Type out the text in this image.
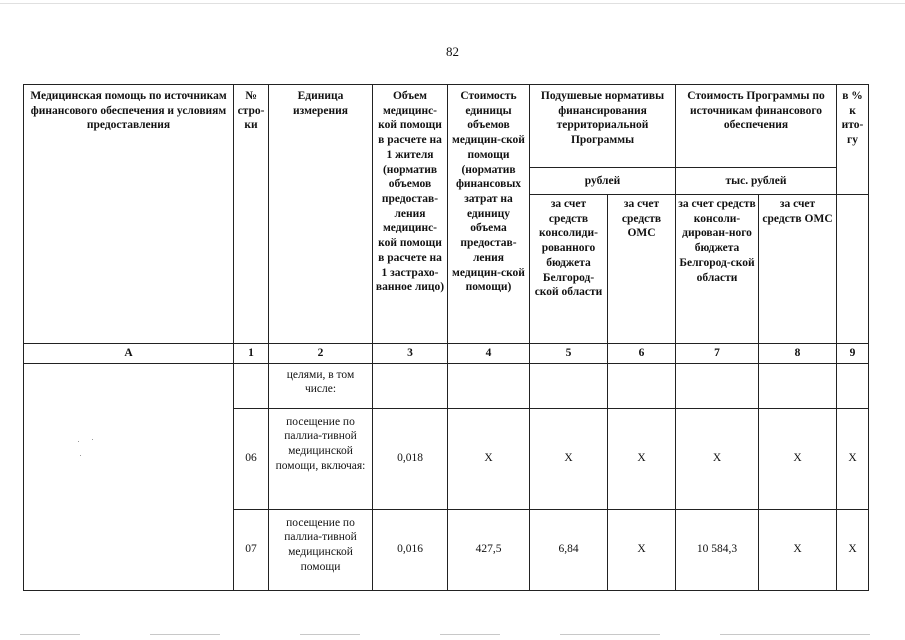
82
Медицинская помощь по источникам финансового обеспечения и условиям предоставления	№ стро-ки	Единица измерения	Объем медицинс-кой помощи в расчете на 1 жителя (норматив объемов предостав-ления медицинс-кой помощи в расчете на 1 застрахо-ванное лицо)	Стоимость единицы объемов медицин-ской помощи (норматив финансовых затрат на единицу объема предостав-ления медицин-ской помощи)	Подушевые нормативы финансирования территориальной Программы		Стоимость Программы по источникам финансового обеспечения		в % к ито-гу
					рублей		тыс. рублей		
					за счет средств консолиди-рованного бюджета Белгород-ской области	за счет средств ОМС	за счет средств консоли-дирован-ного бюджета Белгород-ской области	за счет средств ОМС	
А	1	2	3	4	5	6	7	8	9
		целями, в том числе:							
	06	посещение по паллиа-тивной медицинской помощи, включая:	0,018	Х	Х	Х	Х	Х	Х
	07	посещение по паллиа-тивной медицинской помощи	0,016	427,5	6,84	Х	10 584,3	Х	Х
